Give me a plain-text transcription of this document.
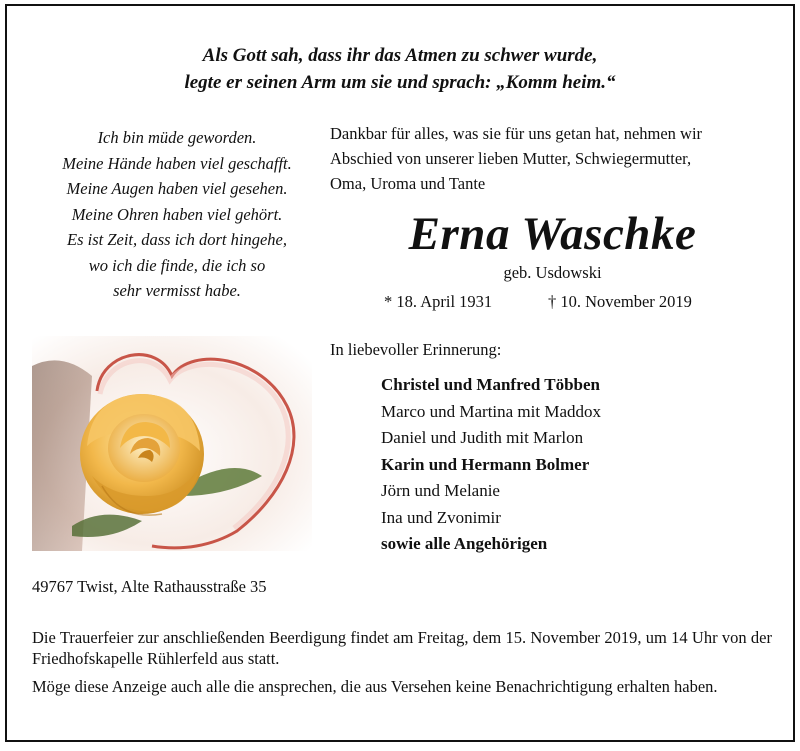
Als Gott sah, dass ihr das Atmen zu schwer wurde,
legte er seinen Arm um sie und sprach: „Komm heim.“
Ich bin müde geworden.
Meine Hände haben viel geschafft.
Meine Augen haben viel gesehen.
Meine Ohren haben viel gehört.
Es ist Zeit, dass ich dort hingehe,
wo ich die finde, die ich so
sehr vermisst habe.
Dankbar für alles, was sie für uns getan hat, nehmen wir
Abschied von unserer lieben Mutter, Schwiegermutter,
Oma, Uroma und Tante
Erna Waschke
geb. Usdowski
* 18. April 1931	† 10. November 2019
In liebevoller Erinnerung:
Christel und Manfred Többen
Marco und Martina mit Maddox
Daniel und Judith mit Marlon
Karin und Hermann Bolmer
Jörn und Melanie
Ina und Zvonimir
sowie alle Angehörigen
49767 Twist, Alte Rathausstraße 35
Die Trauerfeier zur anschließenden Beerdigung findet am Freitag, dem 15. November 2019, um 14 Uhr von der Friedhofskapelle Rühlerfeld aus statt.
Möge diese Anzeige auch alle die ansprechen, die aus Versehen keine Benachrichtigung erhalten haben.
